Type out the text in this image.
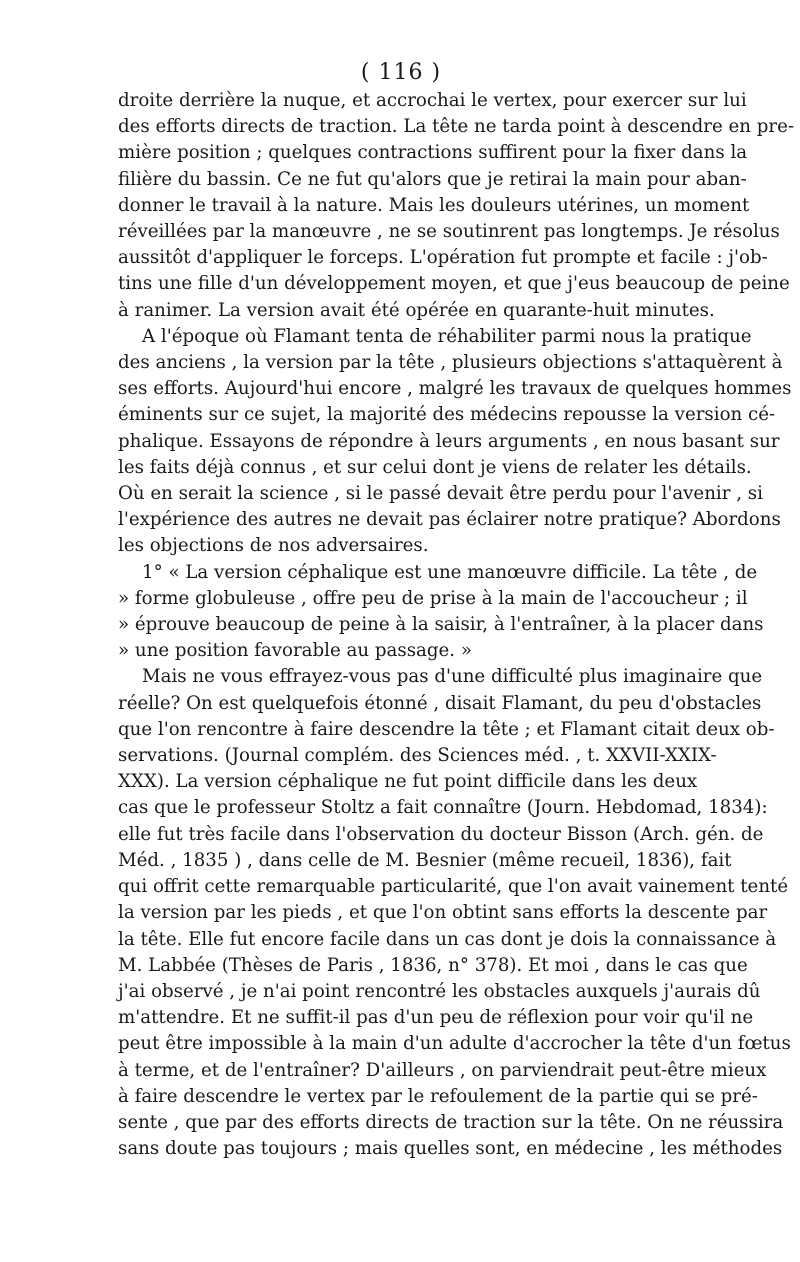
( 116 )
droite derrière la nuque, et accrochai le vertex, pour exercer sur lui
des efforts directs de traction. La tête ne tarda point à descendre en pre-
mière position ; quelques contractions suffirent pour la fixer dans la
filière du bassin. Ce ne fut qu'alors que je retirai la main pour aban-
donner le travail à la nature. Mais les douleurs utérines, un moment
réveillées par la manœuvre , ne se soutinrent pas longtemps. Je résolus
aussitôt d'appliquer le forceps. L'opération fut prompte et facile : j'ob-
tins une fille d'un développement moyen, et que j'eus beaucoup de peine
à ranimer. La version avait été opérée en quarante-huit minutes.
A l'époque où Flamant tenta de réhabiliter parmi nous la pratique
des anciens , la version par la tête , plusieurs objections s'attaquèrent à
ses efforts. Aujourd'hui encore , malgré les travaux de quelques hommes
éminents sur ce sujet, la majorité des médecins repousse la version cé-
phalique. Essayons de répondre à leurs arguments , en nous basant sur
les faits déjà connus , et sur celui dont je viens de relater les détails.
Où en serait la science , si le passé devait être perdu pour l'avenir , si
l'expérience des autres ne devait pas éclairer notre pratique? Abordons
les objections de nos adversaires.
1° « La version céphalique est une manœuvre difficile. La tête , de
» forme globuleuse , offre peu de prise à la main de l'accoucheur ; il
» éprouve beaucoup de peine à la saisir, à l'entraîner, à la placer dans
» une position favorable au passage. »
Mais ne vous effrayez-vous pas d'une difficulté plus imaginaire que
réelle? On est quelquefois étonné , disait Flamant, du peu d'obstacles
que l'on rencontre à faire descendre la tête ; et Flamant citait deux ob-
servations. (Journal complém. des Sciences méd. , t. XXVII-XXIX-
XXX). La version céphalique ne fut point difficile dans les deux
cas que le professeur Stoltz a fait connaître (Journ. Hebdomad, 1834):
elle fut très facile dans l'observation du docteur Bisson (Arch. gén. de
Méd. , 1835 ) , dans celle de M. Besnier (même recueil, 1836), fait
qui offrit cette remarquable particularité, que l'on avait vainement tenté
la version par les pieds , et que l'on obtint sans efforts la descente par
la tête. Elle fut encore facile dans un cas dont je dois la connaissance à
M. Labbée (Thèses de Paris , 1836, n° 378). Et moi , dans le cas que
j'ai observé , je n'ai point rencontré les obstacles auxquels j'aurais dû
m'attendre. Et ne suffit-il pas d'un peu de réflexion pour voir qu'il ne
peut être impossible à la main d'un adulte d'accrocher la tête d'un fœtus
à terme, et de l'entraîner? D'ailleurs , on parviendrait peut-être mieux
à faire descendre le vertex par le refoulement de la partie qui se pré-
sente , que par des efforts directs de traction sur la tête. On ne réussira
sans doute pas toujours ; mais quelles sont, en médecine , les méthodes
